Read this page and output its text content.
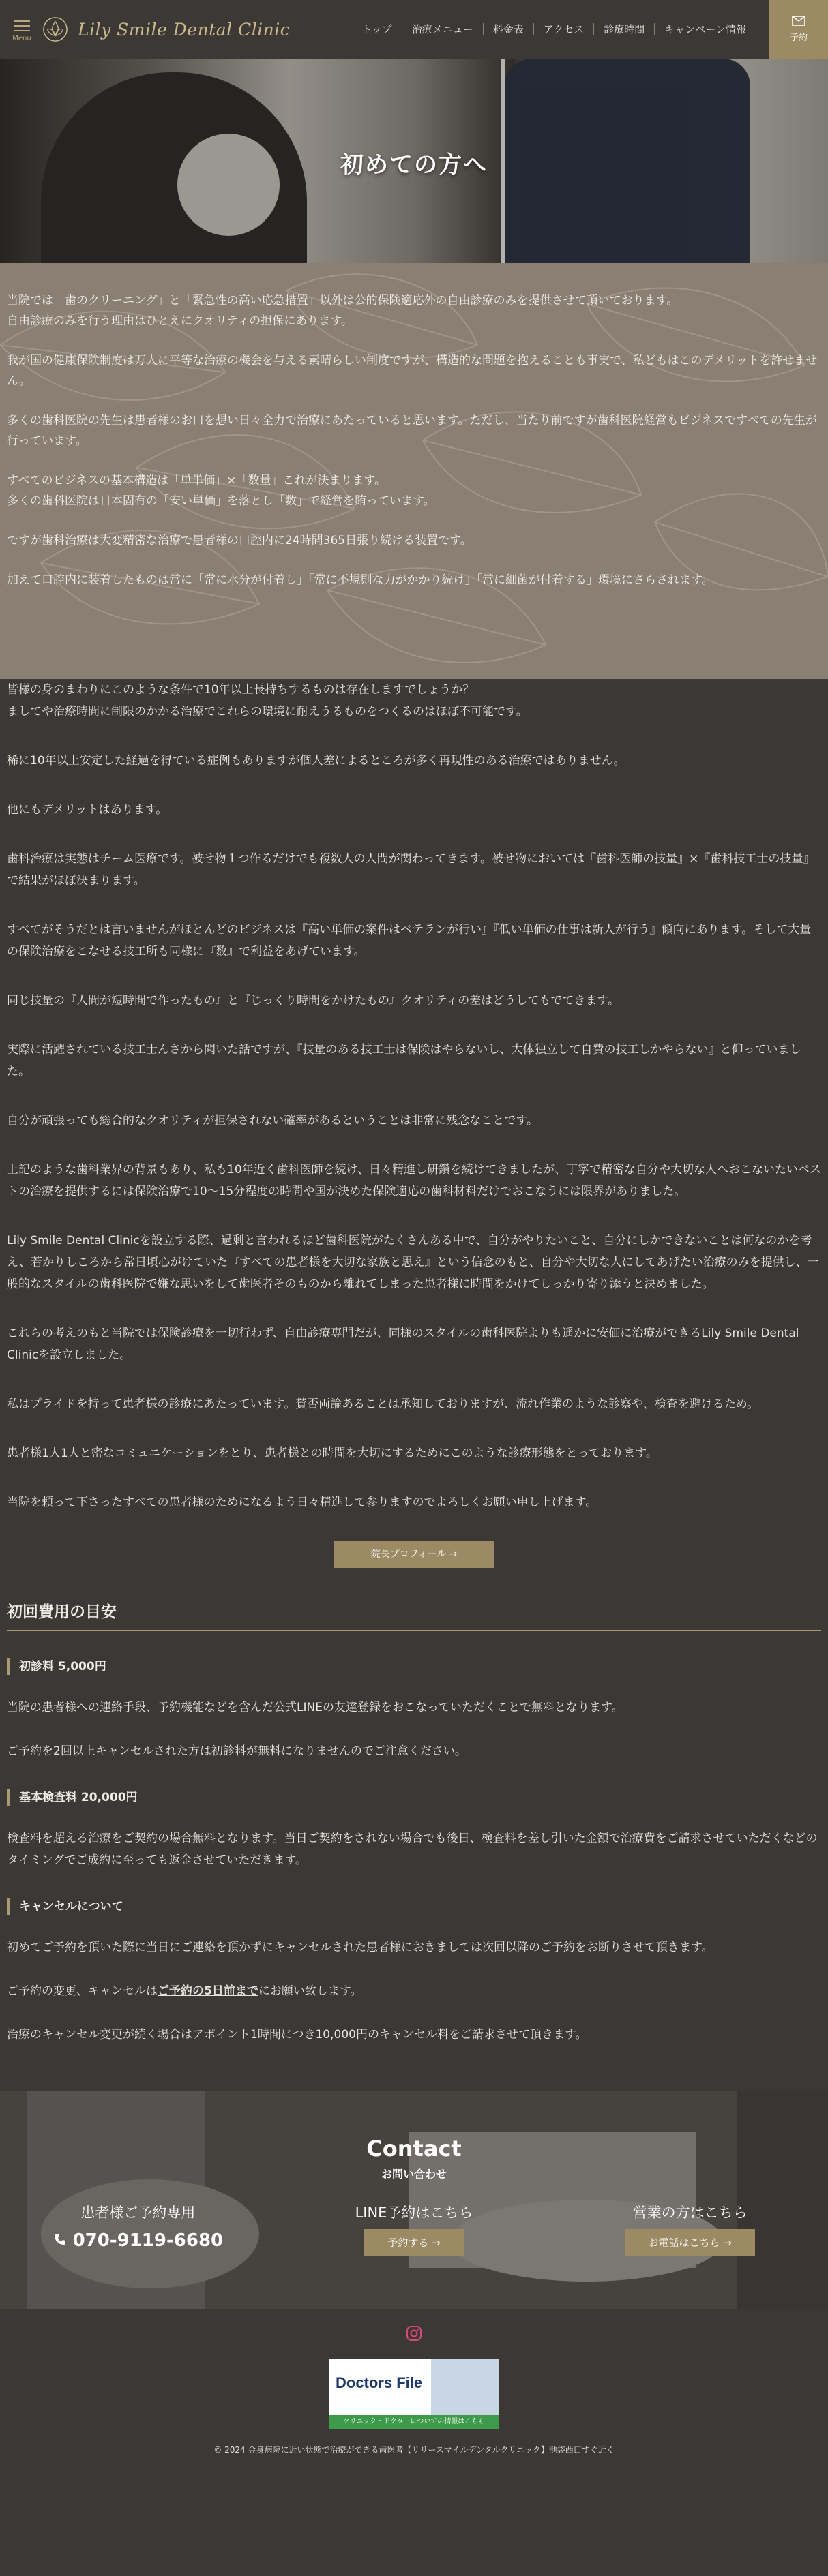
Menu	Lily Smile Dental Clinic	トップ	治療メニュー	料金表	アクセス	診療時間	キャンペーン情報
予約
初めての方へ

当院では「歯のクリーニング」と「緊急性の高い応急措置」以外は公的保険適応外の自由診療のみを提供させて頂いております。
自由診療のみを行う理由はひとえにクオリティの担保にあります。

我が国の健康保険制度は万人に平等な治療の機会を与える素晴らしい制度ですが、構造的な問題を抱えることも事実で、私どもはこのデメリットを許せません。

多くの歯科医院の先生は患者様のお口を想い日々全力で治療にあたっていると思います。ただし、当たり前ですが歯科医院経営もビジネスですべての先生が行っています。

すべてのビジネスの基本構造は「単単価」×「数量」これが決まります。
多くの歯科医院は日本固有の「安い単価」を落とし「数」で経営を賄っています。

ですが歯科治療は大変精密な治療で患者様の口腔内に24時間365日張り続ける装置です。

加えて口腔内に装着したものは常に「常に水分が付着し」「常に不規則な力がかかり続け」「常に細菌が付着する」環境にさらされます。

皆様の身のまわりにこのような条件で10年以上長持ちするものは存在しますでしょうか？
ましてや治療時間に制限のかかる治療でこれらの環境に耐えうるものをつくるのはほぼ不可能です。

稀に10年以上安定した経過を得ている症例もありますが個人差によるところが多く再現性のある治療ではありません。

他にもデメリットはあります。

歯科治療は実態はチーム医療です。被せ物１つ作るだけでも複数人の人間が関わってきます。被せ物においては『歯科医師の技量』×『歯科技工士の技量』で結果がほぼ決まります。

すべてがそうだとは言いませんがほとんどのビジネスは『高い単価の案件はベテランが行い』『低い単価の仕事は新人が行う』傾向にあります。そして大量の保険治療をこなせる技工所も同様に『数』で利益をあげています。

同じ技量の『人間が短時間で作ったもの』と『じっくり時間をかけたもの』クオリティの差はどうしてもでてきます。

実際に活躍されている技工士んさから聞いた話ですが、『技量のある技工士は保険はやらないし、大体独立して自費の技工しかやらない』と仰っていました。

自分が頑張っても総合的なクオリティが担保されない確率があるということは非常に残念なことです。

上記のような歯科業界の背景もあり、私も10年近く歯科医師を続け、日々精進し研鑽を続けてきましたが、丁寧で精密な自分や大切な人へおこないたいベストの治療を提供するには保険治療で10〜15分程度の時間や国が決めた保険適応の歯科材料だけでおこなうには限界がありました。

Lily Smile Dental Clinicを設立する際、過剰と言われるほど歯科医院がたくさんある中で、自分がやりたいこと、自分にしかできないことは何なのかを考え、若かりしころから常日頃心がけていた『すべての患者様を大切な家族と思え』という信念のもと、自分や大切な人にしてあげたい治療のみを提供し、一般的なスタイルの歯科医院で嫌な思いをして歯医者そのものから離れてしまった患者様に時間をかけてしっかり寄り添うと決めました。

これらの考えのもと当院では保険診療を一切行わず、自由診療専門だが、同様のスタイルの歯科医院よりも遥かに安価に治療ができるLily Smile Dental Clinicを設立しました。

私はプライドを持って患者様の診療にあたっています。賛否両論あることは承知しておりますが、流れ作業のような診察や、検査を避けるため。

患者様1人1人と密なコミュニケーションをとり、患者様との時間を大切にするためにこのような診療形態をとっております。

当院を頼って下さったすべての患者様のためになるよう日々精進して参りますのでよろしくお願い申し上げます。

院長プロフィール →
初回費用の目安
初診料 5,000円

当院の患者様への連絡手段、予約機能などを含んだ公式LINEの友達登録をおこなっていただくことで無料となります。

ご予約を2回以上キャンセルされた方は初診料が無料になりませんのでご注意ください。

基本検査料 20,000円

検査料を超える治療をご契約の場合無料となります。当日ご契約をされない場合でも後日、検査料を差し引いた金額で治療費をご請求させていただくなどのタイミングでご成約に至っても返金させていただきます。

キャンセルについて

初めてご予約を頂いた際に当日にご連絡を頂かずにキャンセルされた患者様におきましては次回以降のご予約をお断りさせて頂きます。

ご予約の変更、キャンセルはご予約の5日前までにお願い致します。

治療のキャンセル変更が続く場合はアポイント1時間につき10,000円のキャンセル料をご請求させて頂きます。

Contact
お問い合わせ
患者様ご予約専用
070-9119-6680
LINE予約はこちら
予約する →
営業の方はこちら
お電話はこちら →
Doctors File
クリニック・ドクターについての情報はこちら
© 2024 金身病院に近い状態で治療ができる歯医者【リリースマイルデンタルクリニック】池袋西口すぐ近く
